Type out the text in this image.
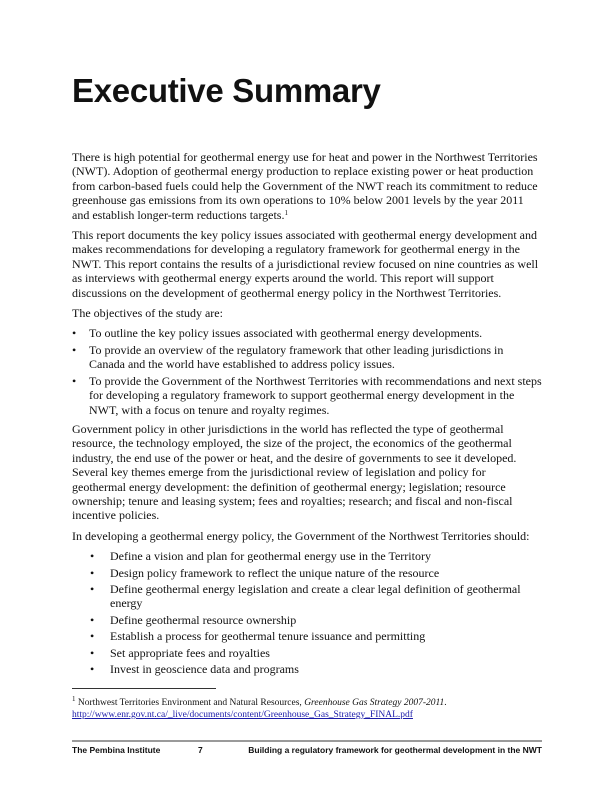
Executive Summary

There is high potential for geothermal energy use for heat and power in the Northwest Territories (NWT). Adoption of geothermal energy production to replace existing power or heat production from carbon-based fuels could help the Government of the NWT reach its commitment to reduce greenhouse gas emissions from its own operations to 10% below 2001 levels by the year 2011 and establish longer-term reductions targets.$^1$

This report documents the key policy issues associated with geothermal energy development and makes recommendations for developing a regulatory framework for geothermal energy in the NWT. This report contains the results of a jurisdictional review focused on nine countries as well as interviews with geothermal energy experts around the world. This report will support discussions on the development of geothermal energy policy in the Northwest Territories.

The objectives of the study are:

• To outline the key policy issues associated with geothermal energy developments.
• To provide an overview of the regulatory framework that other leading jurisdictions in Canada and the world have established to address policy issues.
• To provide the Government of the Northwest Territories with recommendations and next steps for developing a regulatory framework to support geothermal energy development in the NWT, with a focus on tenure and royalty regimes.

Government policy in other jurisdictions in the world has reflected the type of geothermal resource, the technology employed, the size of the project, the economics of the geothermal industry, the end use of the power or heat, and the desire of governments to see it developed. Several key themes emerge from the jurisdictional review of legislation and policy for geothermal energy development: the definition of geothermal energy; legislation; resource ownership; tenure and leasing system; fees and royalties; research; and fiscal and non-fiscal incentive policies.

In developing a geothermal energy policy, the Government of the Northwest Territories should:

• Define a vision and plan for geothermal energy use in the Territory
• Design policy framework to reflect the unique nature of the resource
• Define geothermal energy legislation and create a clear legal definition of geothermal energy
• Define geothermal resource ownership
• Establish a process for geothermal tenure issuance and permitting
• Set appropriate fees and royalties
• Invest in geoscience data and programs
$^1$ Northwest Territories Environment and Natural Resources, Greenhouse Gas Strategy 2007-2011.
http://www.enr.gov.nt.ca/_live/documents/content/Greenhouse_Gas_Strategy_FINAL.pdf
The Pembina Institute	7	Building a regulatory framework for geothermal development in the NWT
